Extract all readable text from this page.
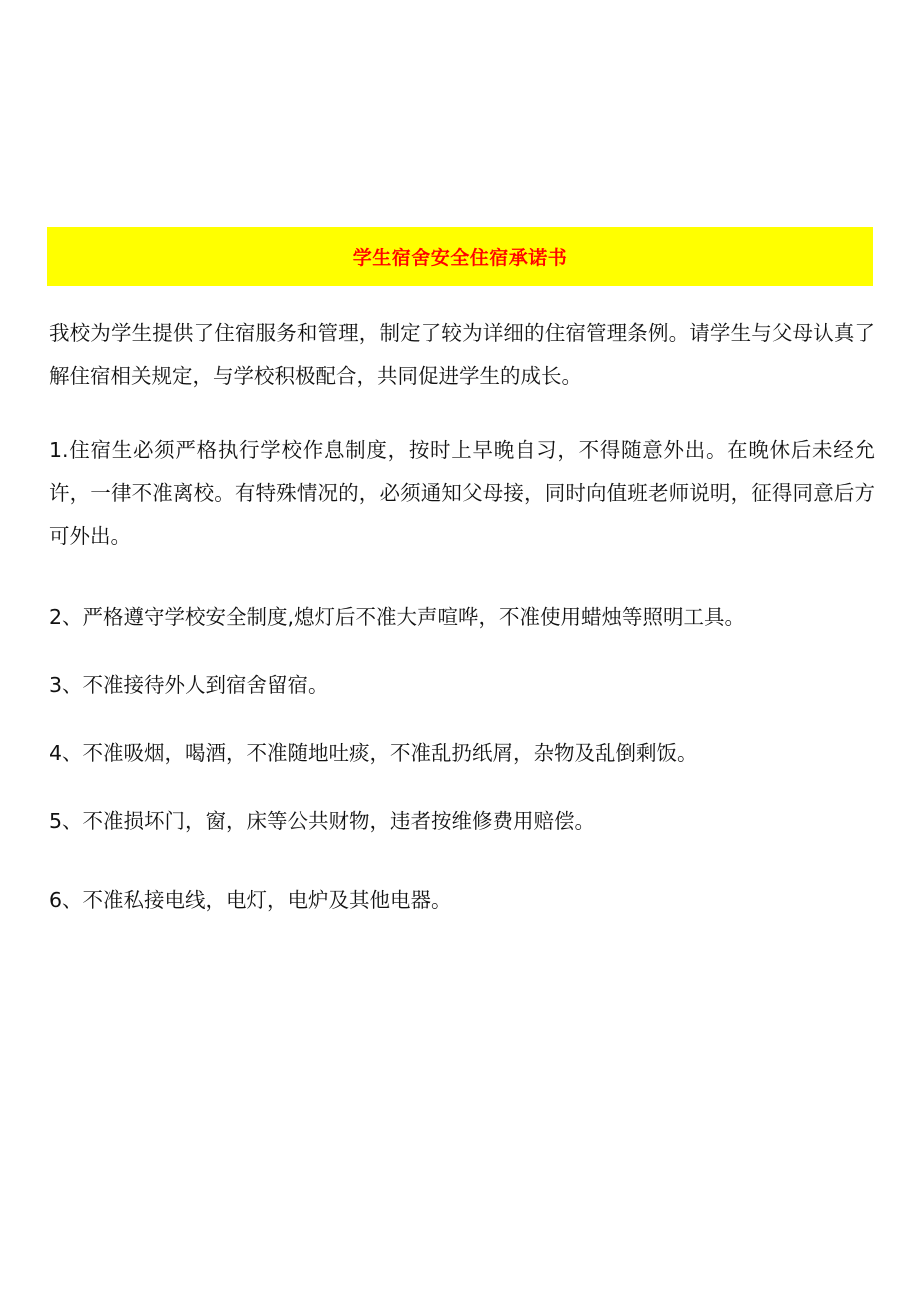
学生宿舍安全住宿承诺书

我校为学生提供了住宿服务和管理，制定了较为详细的住宿管理条例。请学生与父母认真了解住宿相关规定，与学校积极配合，共同促进学生的成长。

1.住宿生必须严格执行学校作息制度，按时上早晚自习，不得随意外出。在晚休后未经允许，一律不准离校。有特殊情况的，必须通知父母接，同时向值班老师说明，征得同意后方可外出。

2、严格遵守学校安全制度,熄灯后不准大声喧哗，不准使用蜡烛等照明工具。

3、不准接待外人到宿舍留宿。

4、不准吸烟，喝酒，不准随地吐痰，不准乱扔纸屑，杂物及乱倒剩饭。

5、不准损坏门，窗，床等公共财物，违者按维修费用赔偿。

6、不准私接电线，电灯，电炉及其他电器。
